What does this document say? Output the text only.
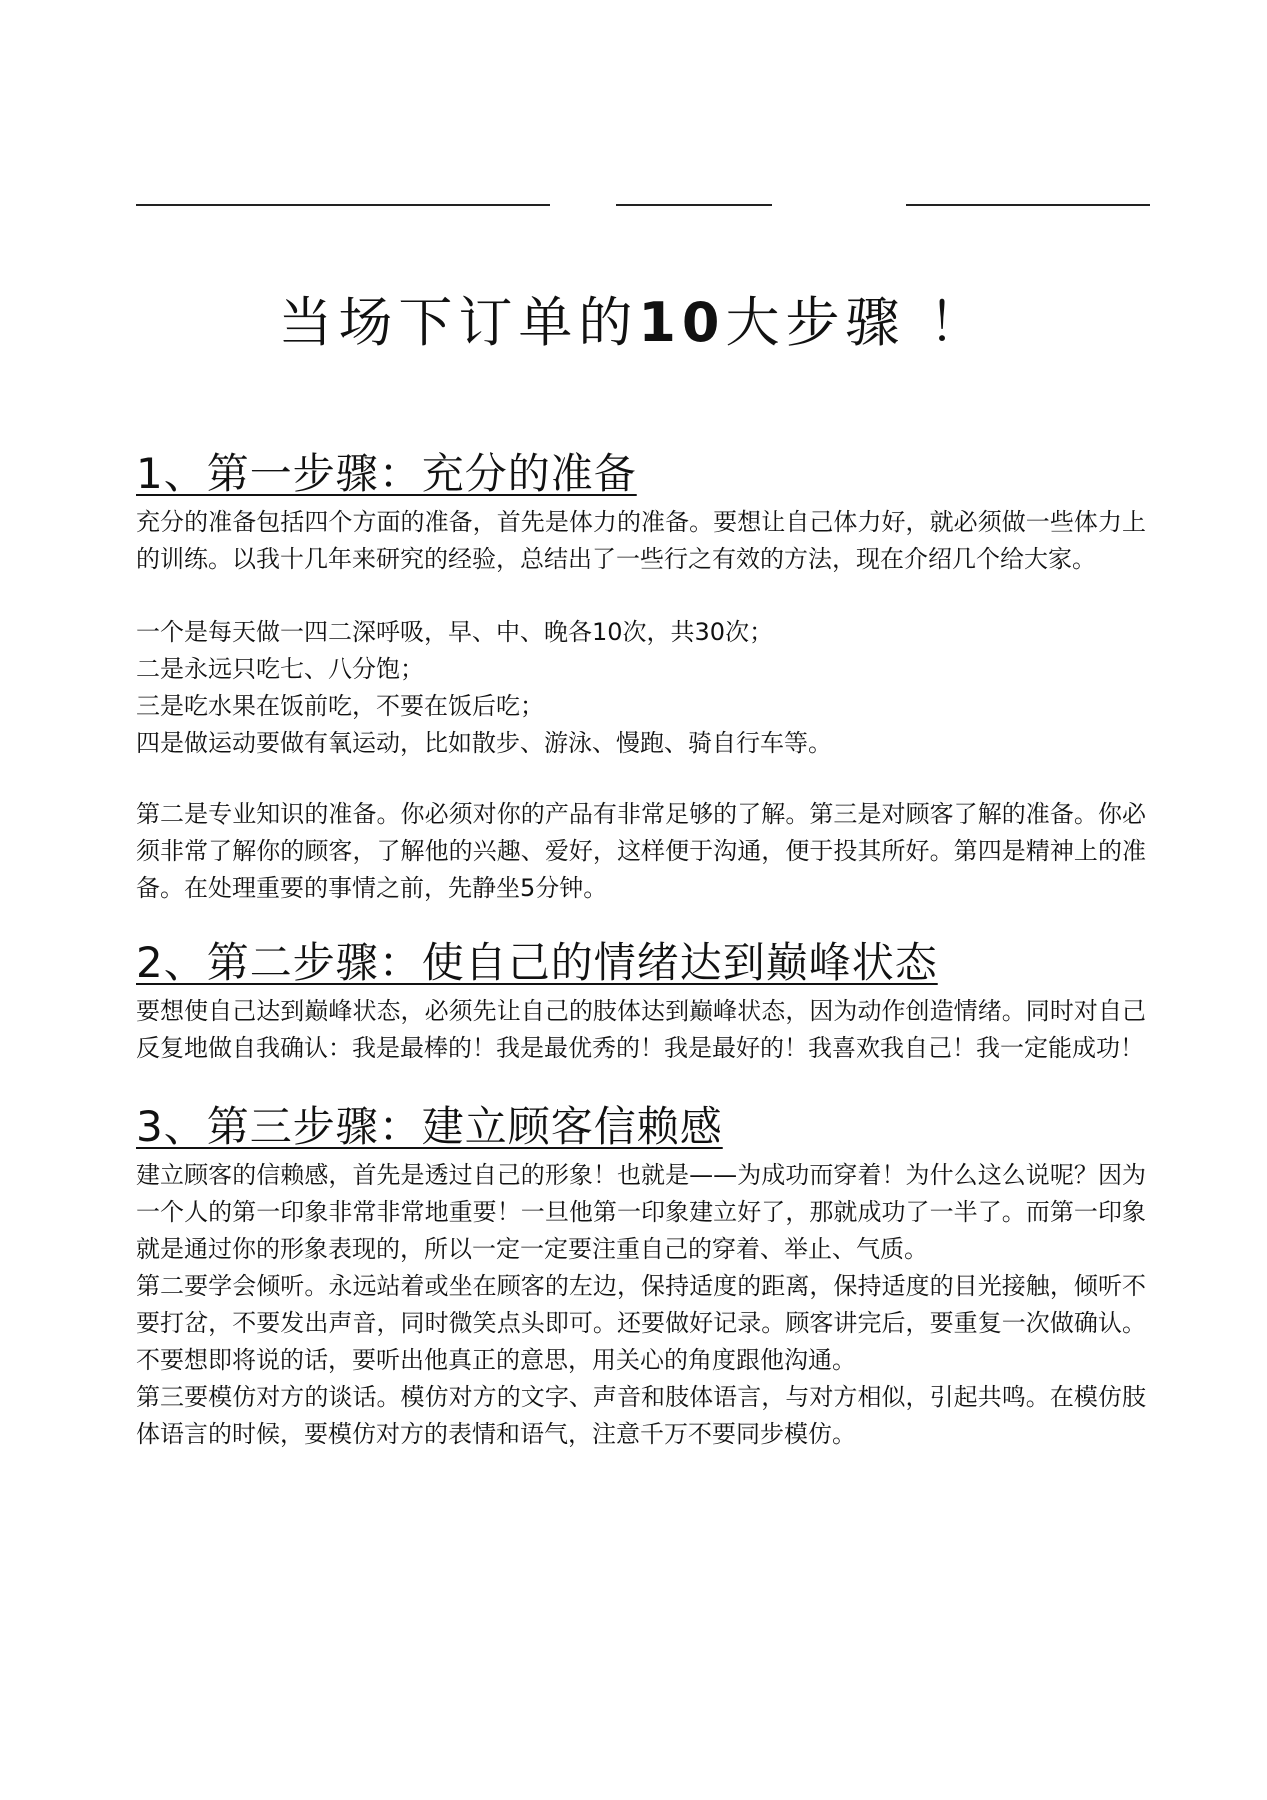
当场下订单的10大步骤 ！
1、第一步骤：充分的准备

充分的准备包括四个方面的准备，首先是体力的准备。要想让自己体力好，就必须做一些体力上的训练。以我十几年来研究的经验，总结出了一些行之有效的方法，现在介绍几个给大家。

一个是每天做一四二深呼吸，早、中、晚各10次，共30次；

二是永远只吃七、八分饱；

三是吃水果在饭前吃，不要在饭后吃；

四是做运动要做有氧运动，比如散步、游泳、慢跑、骑自行车等。

第二是专业知识的准备。你必须对你的产品有非常足够的了解。第三是对顾客了解的准备。你必须非常了解你的顾客，了解他的兴趣、爱好，这样便于沟通，便于投其所好。第四是精神上的准备。在处理重要的事情之前，先静坐5分钟。

2、第二步骤：使自己的情绪达到巅峰状态

要想使自己达到巅峰状态，必须先让自己的肢体达到巅峰状态，因为动作创造情绪。同时对自己反复地做自我确认：我是最棒的！我是最优秀的！我是最好的！我喜欢我自己！我一定能成功！

3、第三步骤：建立顾客信赖感

建立顾客的信赖感，首先是透过自己的形象！也就是——为成功而穿着！为什么这么说呢？因为一个人的第一印象非常非常地重要！一旦他第一印象建立好了，那就成功了一半了。而第一印象就是通过你的形象表现的，所以一定一定要注重自己的穿着、举止、气质。

第二要学会倾听。永远站着或坐在顾客的左边，保持适度的距离，保持适度的目光接触，倾听不要打岔，不要发出声音，同时微笑点头即可。还要做好记录。顾客讲完后，要重复一次做确认。不要想即将说的话，要听出他真正的意思，用关心的角度跟他沟通。

第三要模仿对方的谈话。模仿对方的文字、声音和肢体语言，与对方相似，引起共鸣。在模仿肢体语言的时候，要模仿对方的表情和语气，注意千万不要同步模仿。
